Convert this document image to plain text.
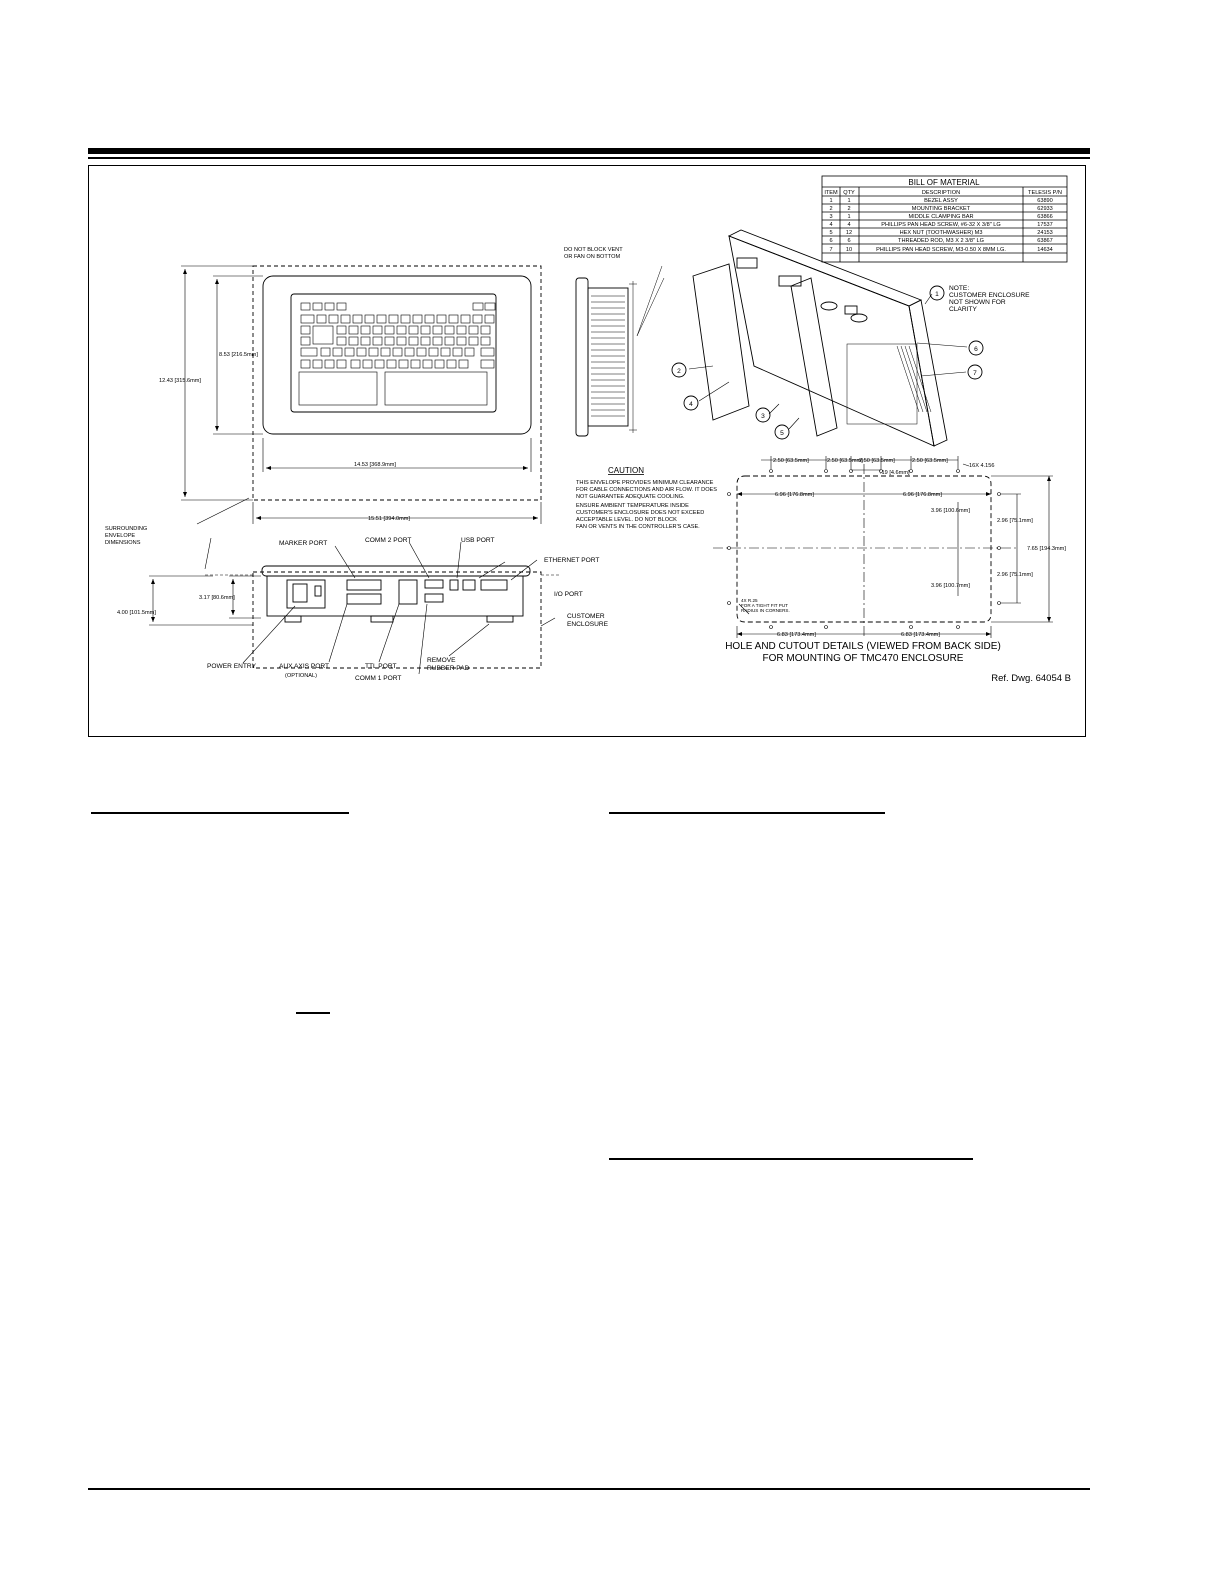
BILL OF MATERIAL
ITEM QTY	DESCRIPTION	TELESIS P/N
1	1	BEZEL ASSY	63890
2	2	MOUNTING BRACKET	62933
3	1	MIDDLE CLAMPING BAR	63866
4	4	PHILLIPS PAN HEAD SCREW, #6-32 X 3/8" LG	17537
5 12	HEX NUT (TOOTHWASHER) M3	24153
6	6	THREADED ROD, M3 X 2 3/8" LG	63867
7 10	PHILLIPS PAN HEAD SCREW, M3-0.50 X 8MM LG.	14634
8.53 [216.5mm]
12.43 [315.6mm]
14.53 [368.9mm]
15.51 [394.0mm]
SURROUNDING ENVELOPE DIMENSIONS
DO NOT BLOCK VENT OR FAN ON BOTTOM
CAUTION
THIS ENVELOPE PROVIDES MINIMUM CLEARANCE
FOR CABLE CONNECTIONS AND AIR FLOW. IT DOES
NOT GUARANTEE ADEQUATE COOLING.
ENSURE AMBIENT TEMPERATURE INSIDE
CUSTOMER'S ENCLOSURE DOES NOT EXCEED
ACCEPTABLE LEVEL. DO NOT BLOCK
FAN OR VENTS IN THE CONTROLLER'S CASE.
1
2
3
4
5
6
7
NOTE: CUSTOMER ENCLOSURE NOT SHOWN FOR CLARITY
3.17 [80.6mm]
4.00 [101.5mm]
MARKER PORT	COMM 2 PORT	USB PORT
ETHERNET PORT
I/O PORT
CUSTOMER ENCLOSURE
POWER ENTRY	AUX AXIS PORT
(OPTIONAL)
TTL PORT
REMOVE RUBBER PAD
COMM 1 PORT
2.50 [63.5mm]	2.50 [63.5mm]
2.50 [63.5mm]	2.50 [63.5mm]
.19 [4.6mm]
16X 4.156
6.96 [176.8mm]	6.96 [176.8mm]
3.96 [100.6mm]
3.96 [100.7mm]
2.96 [75.1mm]
2.96 [75.1mm]
7.65 [194.3mm]
6.83 [173.4mm]	6.83 [173.4mm]
4X R.25 FOR A TIGHT FIT PUT RADIUS IN CORNERS.
HOLE AND CUTOUT DETAILS (VIEWED FROM BACK SIDE)
FOR MOUNTING OF TMC470 ENCLOSURE
Ref. Dwg. 64054 B
